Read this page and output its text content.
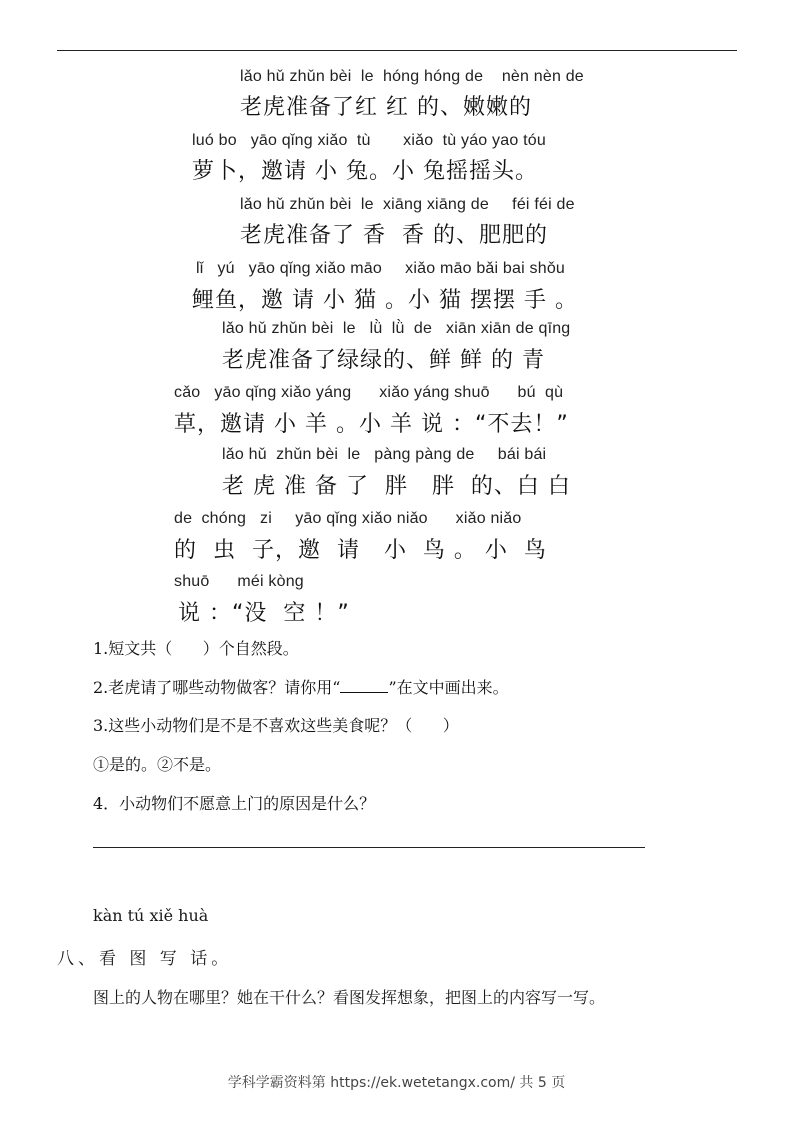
lǎo hǔ zhǔn bèi  le  hóng hóng de    nèn nèn de
老虎准备了红 红 的、嫩嫩的
luó bo   yāo qǐng xiǎo  tù       xiǎo  tù yáo yao tóu
萝卜，邀请 小 兔。小 兔摇摇头。
lǎo hǔ zhǔn bèi  le  xiāng xiāng de     féi féi de
老虎准备了 香  香 的、肥肥的
lǐ   yú   yāo qǐng xiǎo māo     xiǎo māo bǎi bai shǒu
鲤鱼，邀 请 小 猫 。小 猫 摆摆 手 。
lǎo hǔ zhǔn bèi  le   lǜ  lǜ  de   xiān xiān de qīng
老虎准备了绿绿的、鲜 鲜 的 青
cǎo   yāo qǐng xiǎo yáng      xiǎo yáng shuō      bú  qù
草，邀请 小 羊 。小 羊 说 ：“不去！”
lǎo hǔ  zhǔn bèi  le   pàng pàng de     bái bái
老 虎 准 备 了  胖   胖  的、白 白
de  chóng   zi     yāo qǐng xiǎo niǎo      xiǎo niǎo
的  虫  子，邀  请   小  鸟 。 小  鸟
shuō      méi kòng
说 ：“没  空 ！”
1.短文共（      ）个自然段。
2.老虎请了哪些动物做客？请你用“	”在文中画出来。
3.这些小动物们是不是不喜欢这些美食呢？（      ）
①是的。②不是。
4．小动物们不愿意上门的原因是什么？
kàn tú xiě huà
八、看 图 写 话。
图上的人物在哪里？她在干什么？看图发挥想象，把图上的内容写一写。
学科学霸资料第 https://ek.wetetangx.com/ 共 5 页
